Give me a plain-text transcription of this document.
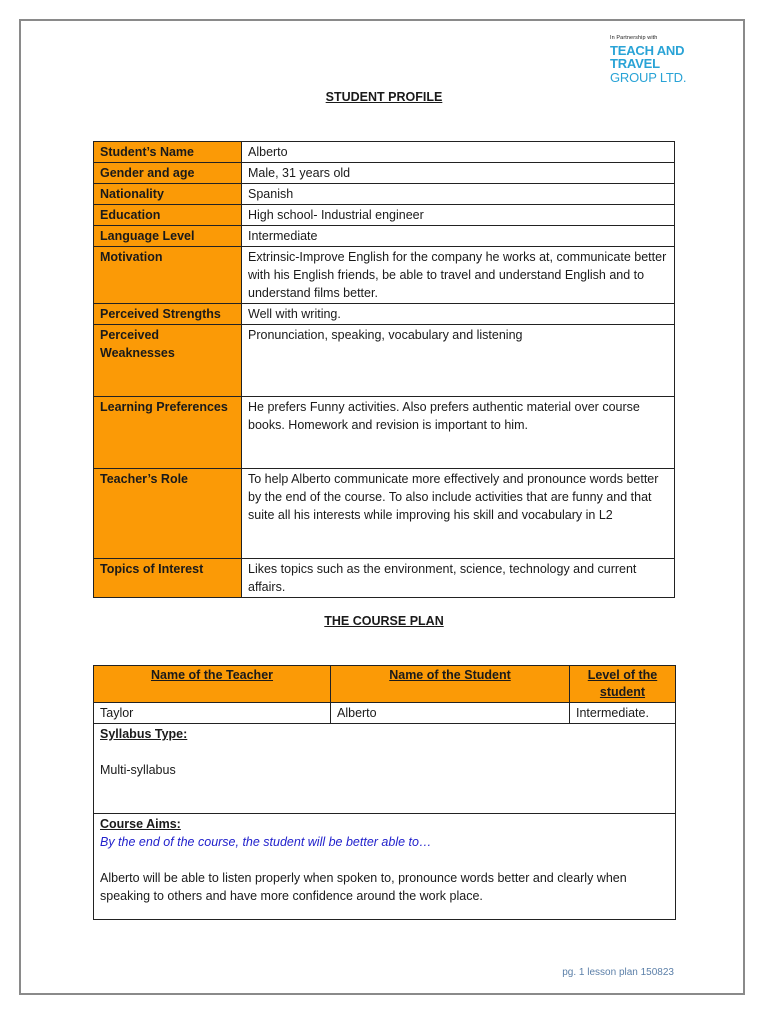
In Partnership with
TEACH AND TRAVEL
GROUP LTD.
STUDENT PROFILE
Student’s Name	Alberto
Gender and age	Male, 31 years old
Nationality	Spanish
Education	High school- Industrial engineer
Language Level	Intermediate
Motivation	Extrinsic-Improve English for the company he works at, communicate better with his English friends, be able to travel and understand English and to understand films better.
Perceived Strengths	Well with writing.
Perceived Weaknesses	Pronunciation, speaking, vocabulary and listening
Learning Preferences	He prefers Funny activities. Also prefers authentic material over course books. Homework and revision is important to him.
Teacher’s Role	To help Alberto communicate more effectively and pronounce words better by the end of the course. To also include activities that are funny and that suite all his interests while improving his skill and vocabulary in L2
Topics of Interest	Likes topics such as the environment, science, technology and current affairs.
THE COURSE PLAN
Name of the Teacher	Name of the Student	Level of the student
Taylor	Alberto	Intermediate.

Syllabus Type:
Multi-syllabus		

Course Aims:
By the end of the course, the student will be better able to…
Alberto will be able to listen properly when spoken to, pronounce words better and clearly when speaking to others and have more confidence around the work place.		
pg. 1 lesson plan 150823
